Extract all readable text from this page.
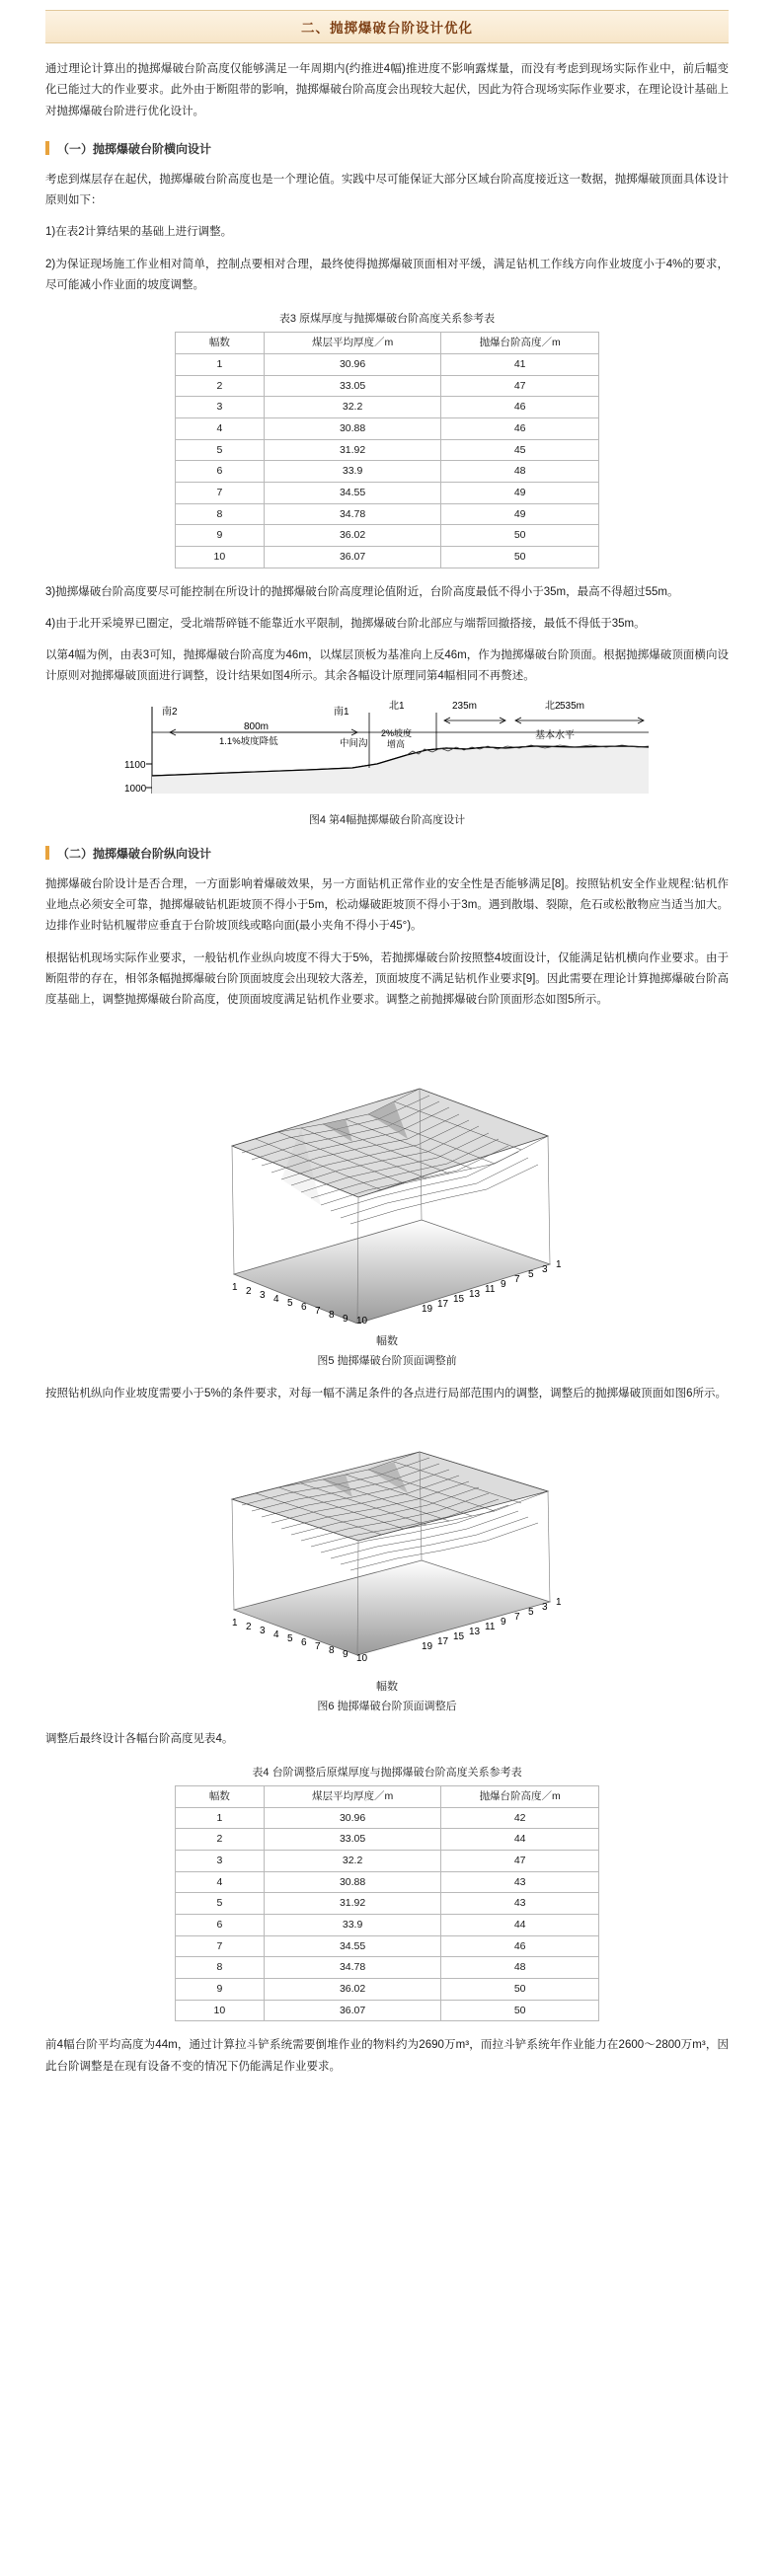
二、抛掷爆破台阶设计优化

通过理论计算出的抛掷爆破台阶高度仅能够满足一年周期内(约推进4幅)推进度不影响露煤量，而没有考虑到现场实际作业中，前后幅变化已能过大的作业要求。此外由于断阻带的影响，抛掷爆破台阶高度会出现较大起伏，因此为符合现场实际作业要求，在理论设计基础上对抛掷爆破台阶进行优化设计。

（一）抛掷爆破台阶横向设计

考虑到煤层存在起伏，抛掷爆破台阶高度也是一个理论值。实践中尽可能保证大部分区域台阶高度接近这一数据，抛掷爆破顶面具体设计原则如下：

1)在表2计算结果的基础上进行调整。

2)为保证现场施工作业相对简单，控制点要相对合理，最终使得抛掷爆破顶面相对平缓，满足钻机工作线方向作业坡度小于4%的要求，尽可能减小作业面的坡度调整。

表3 原煤厚度与抛掷爆破台阶高度关系参考表
幅数	煤层平均厚度／m	抛爆台阶高度／m
1	30.96	41
2	33.05	47
3	32.2	46
4	30.88	46
5	31.92	45
6	33.9	48
7	34.55	49
8	34.78	49
9	36.02	50
10	36.07	50

3)抛掷爆破台阶高度要尽可能控制在所设计的抛掷爆破台阶高度理论值附近，台阶高度最低不得小于35m，最高不得超过55m。

4)由于北开采境界已圈定，受北端帮碎链不能靠近水平限制，抛掷爆破台阶北部应与端帮回撤搭接，最低不得低于35m。

以第4幅为例，由表3可知，抛掷爆破台阶高度为46m，以煤层顶板为基准向上反46m，作为抛掷爆破台阶顶面。根据抛掷爆破顶面横向设计原则对抛掷爆破顶面进行调整，设计结果如图4所示。其余各幅设计原理同第4幅相同不再赘述。

1100
1000
南2	南1
800m
1.1%坡度降低	中间沟
北1	235m	北2 535m
2%坡度
增高
基本水平
图4 第4幅抛掷爆破台阶高度设计
（二）抛掷爆破台阶纵向设计

抛掷爆破台阶设计是否合理，一方面影响着爆破效果，另一方面钻机正常作业的安全性是否能够满足[8]。按照钻机安全作业规程:钻机作业地点必须安全可靠，抛掷爆破钻机距坡顶不得小于5m，松动爆破距坡顶不得小于3m。遇到散塌、裂隙，危石或松散物应当适当加大。边排作业时钻机履带应垂直于台阶坡顶线或略向面(最小夹角不得小于45°)。

根据钻机现场实际作业要求，一般钻机作业纵向坡度不得大于5%，若抛掷爆破台阶按照整4坡面设计，仅能满足钻机横向作业要求。由于断阻带的存在，相邻条幅抛掷爆破台阶顶面坡度会出现较大落差，顶面坡度不满足钻机作业要求[9]。因此需要在理论计算抛掷爆破台阶高度基础上，调整抛掷爆破台阶高度，使顶面坡度满足钻机作业要求。调整之前抛掷爆破台阶顶面形态如图5所示。

1
3
5
7
9
11
13
15
17
19
1 2 3 4 5 6 7 8 9 10
幅数
图5 抛掷爆破台阶顶面调整前

按照钻机纵向作业坡度需要小于5%的条件要求，对每一幅不满足条件的各点进行局部范围内的调整，调整后的抛掷爆破顶面如图6所示。

1
3
5
7
9
11
13
15
17
19
1 2 3 4 5 6 7 8 9 10
幅数
图6 抛掷爆破台阶顶面调整后

调整后最终设计各幅台阶高度见表4。

表4 台阶调整后原煤厚度与抛掷爆破台阶高度关系参考表
幅数	煤层平均厚度／m	抛爆台阶高度／m
1	30.96	42
2	33.05	44
3	32.2	47
4	30.88	43
5	31.92	43
6	33.9	44
7	34.55	46
8	34.78	48
9	36.02	50
10	36.07	50

前4幅台阶平均高度为44m，通过计算拉斗铲系统需要倒堆作业的物料约为2690万m³，而拉斗铲系统年作业能力在2600～2800万m³，因此台阶调整是在现有设备不变的情况下仍能满足作业要求。
